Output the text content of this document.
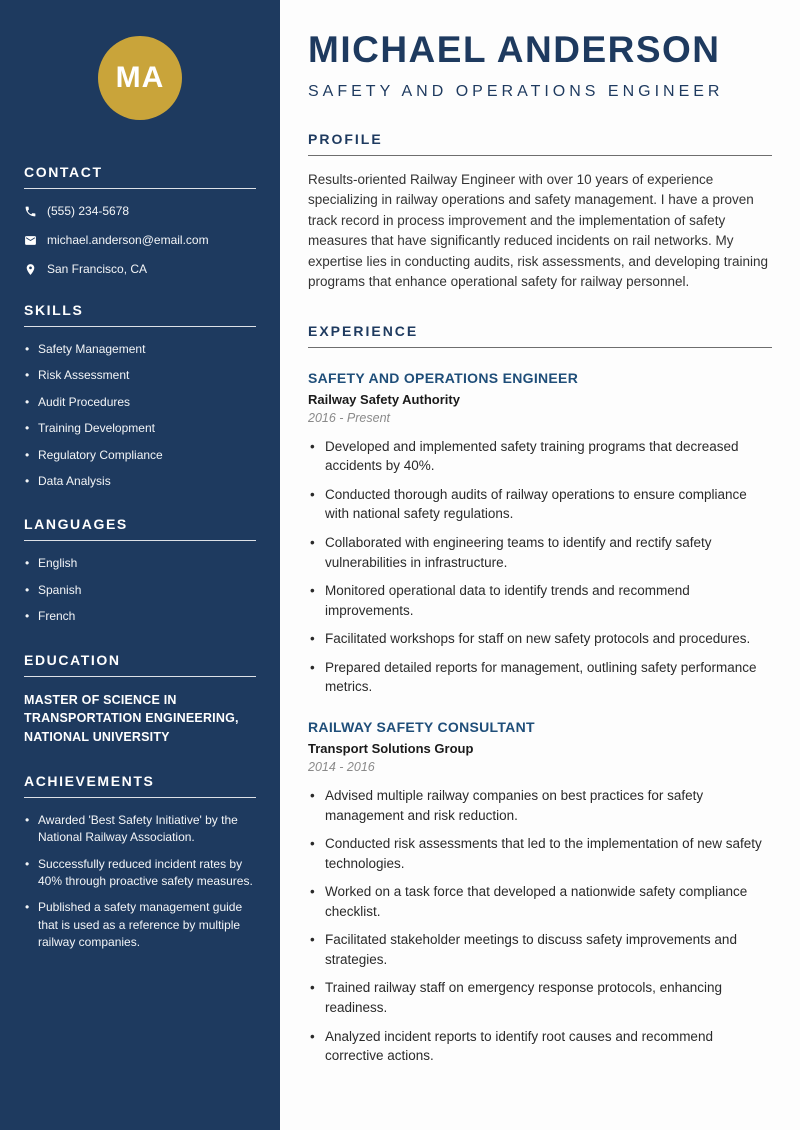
MA
CONTACT
(555) 234-5678
michael.anderson@email.com
San Francisco, CA
SKILLS
• Safety Management
• Risk Assessment
• Audit Procedures
• Training Development
• Regulatory Compliance
• Data Analysis
LANGUAGES
• English
• Spanish
• French
EDUCATION
MASTER OF SCIENCE IN TRANSPORTATION ENGINEERING, NATIONAL UNIVERSITY
ACHIEVEMENTS
• Awarded 'Best Safety Initiative' by the National Railway Association.
• Successfully reduced incident rates by 40% through proactive safety measures.
• Published a safety management guide that is used as a reference by multiple railway companies.
MICHAEL ANDERSON
SAFETY AND OPERATIONS ENGINEER
PROFILE

Results-oriented Railway Engineer with over 10 years of experience specializing in railway operations and safety management. I have a proven track record in process improvement and the implementation of safety measures that have significantly reduced incidents on rail networks. My expertise lies in conducting audits, risk assessments, and developing training programs that enhance operational safety for railway personnel.

EXPERIENCE
SAFETY AND OPERATIONS ENGINEER
Railway Safety Authority
2016 - Present
• Developed and implemented safety training programs that decreased accidents by 40%.
• Conducted thorough audits of railway operations to ensure compliance with national safety regulations.
• Collaborated with engineering teams to identify and rectify safety vulnerabilities in infrastructure.
• Monitored operational data to identify trends and recommend improvements.
• Facilitated workshops for staff on new safety protocols and procedures.
• Prepared detailed reports for management, outlining safety performance metrics.
RAILWAY SAFETY CONSULTANT
Transport Solutions Group
2014 - 2016
• Advised multiple railway companies on best practices for safety management and risk reduction.
• Conducted risk assessments that led to the implementation of new safety technologies.
• Worked on a task force that developed a nationwide safety compliance checklist.
• Facilitated stakeholder meetings to discuss safety improvements and strategies.
• Trained railway staff on emergency response protocols, enhancing readiness.
• Analyzed incident reports to identify root causes and recommend corrective actions.
